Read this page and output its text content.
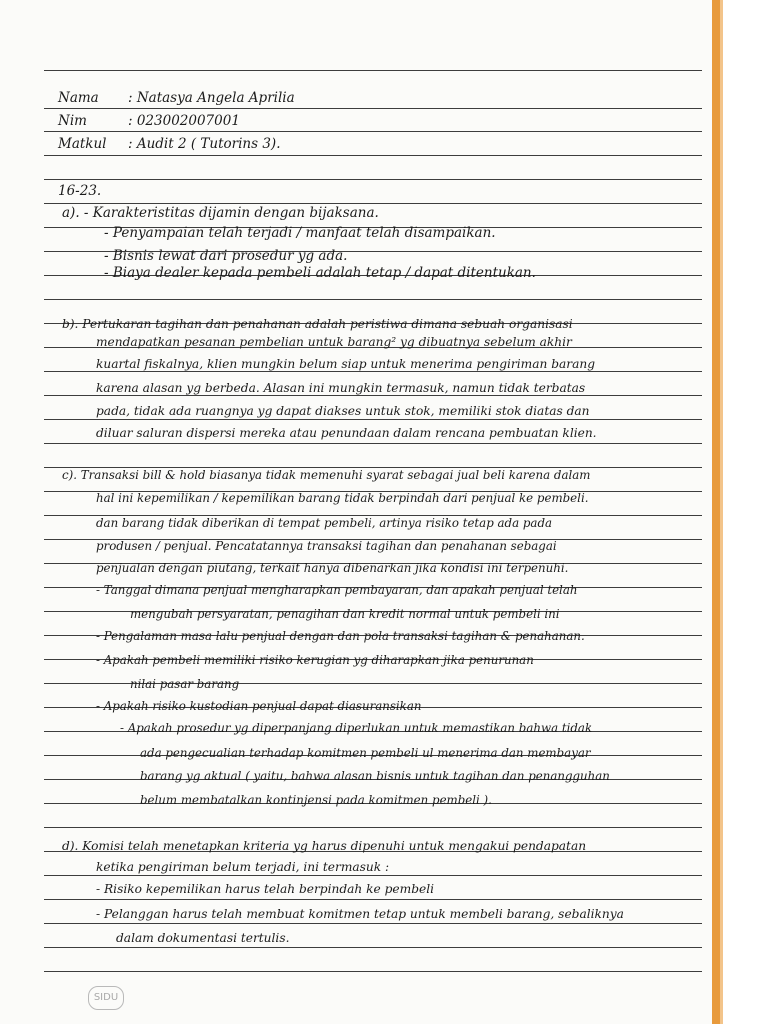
Nama : Natasya Angela Aprilia
Nim	: 023002007001
Matkul : Audit 2 ( Tutorins 3).
16-23.
a). - Karakteristitas dijamin dengan bijaksana.
- Penyampaian telah terjadi / manfaat telah disampaikan.
- Bisnis lewat dari prosedur yg ada.
- Biaya dealer kepada pembeli adalah tetap / dapat ditentukan.
b). Pertukaran tagihan dan penahanan adalah peristiwa dimana sebuah organisasi
mendapatkan pesanan pembelian untuk barang² yg dibuatnya sebelum akhir
kuartal fiskalnya, klien mungkin belum siap untuk menerima pengiriman barang
karena alasan yg berbeda. Alasan ini mungkin termasuk, namun tidak terbatas
pada, tidak ada ruangnya yg dapat diakses untuk stok, memiliki stok diatas dan
diluar saluran dispersi mereka atau penundaan dalam rencana pembuatan klien.
c). Transaksi bill & hold biasanya tidak memenuhi syarat sebagai jual beli karena dalam
hal ini kepemilikan / kepemilikan barang tidak berpindah dari penjual ke pembeli.
dan barang tidak diberikan di tempat pembeli, artinya risiko tetap ada pada
produsen / penjual. Pencatatannya transaksi tagihan dan penahanan sebagai
penjualan dengan piutang, terkait hanya dibenarkan jika kondisi ini terpenuhi.
- Tanggal dimana penjual mengharapkan pembayaran, dan apakah penjual telah
mengubah persyaratan, penagihan dan kredit normal untuk pembeli ini
- Pengalaman masa lalu penjual dengan dan pola transaksi tagihan & penahanan.
- Apakah pembeli memiliki risiko kerugian yg diharapkan jika penurunan
nilai pasar barang
- Apakah risiko kustodian penjual dapat diasuransikan
- Apakah prosedur yg diperpanjang diperlukan untuk memastikan bahwa tidak
ada pengecualian terhadap komitmen pembeli ul menerima dan membayar
barang yg aktual ( yaitu, bahwa alasan bisnis untuk tagihan dan penangguhan
belum membatalkan kontinjensi pada komitmen pembeli ).
d). Komisi telah menetapkan kriteria yg harus dipenuhi untuk mengakui pendapatan
ketika pengiriman belum terjadi, ini termasuk :
- Risiko kepemilikan harus telah berpindah ke pembeli
- Pelanggan harus telah membuat komitmen tetap untuk membeli barang, sebaliknya
dalam dokumentasi tertulis.
SIDU
